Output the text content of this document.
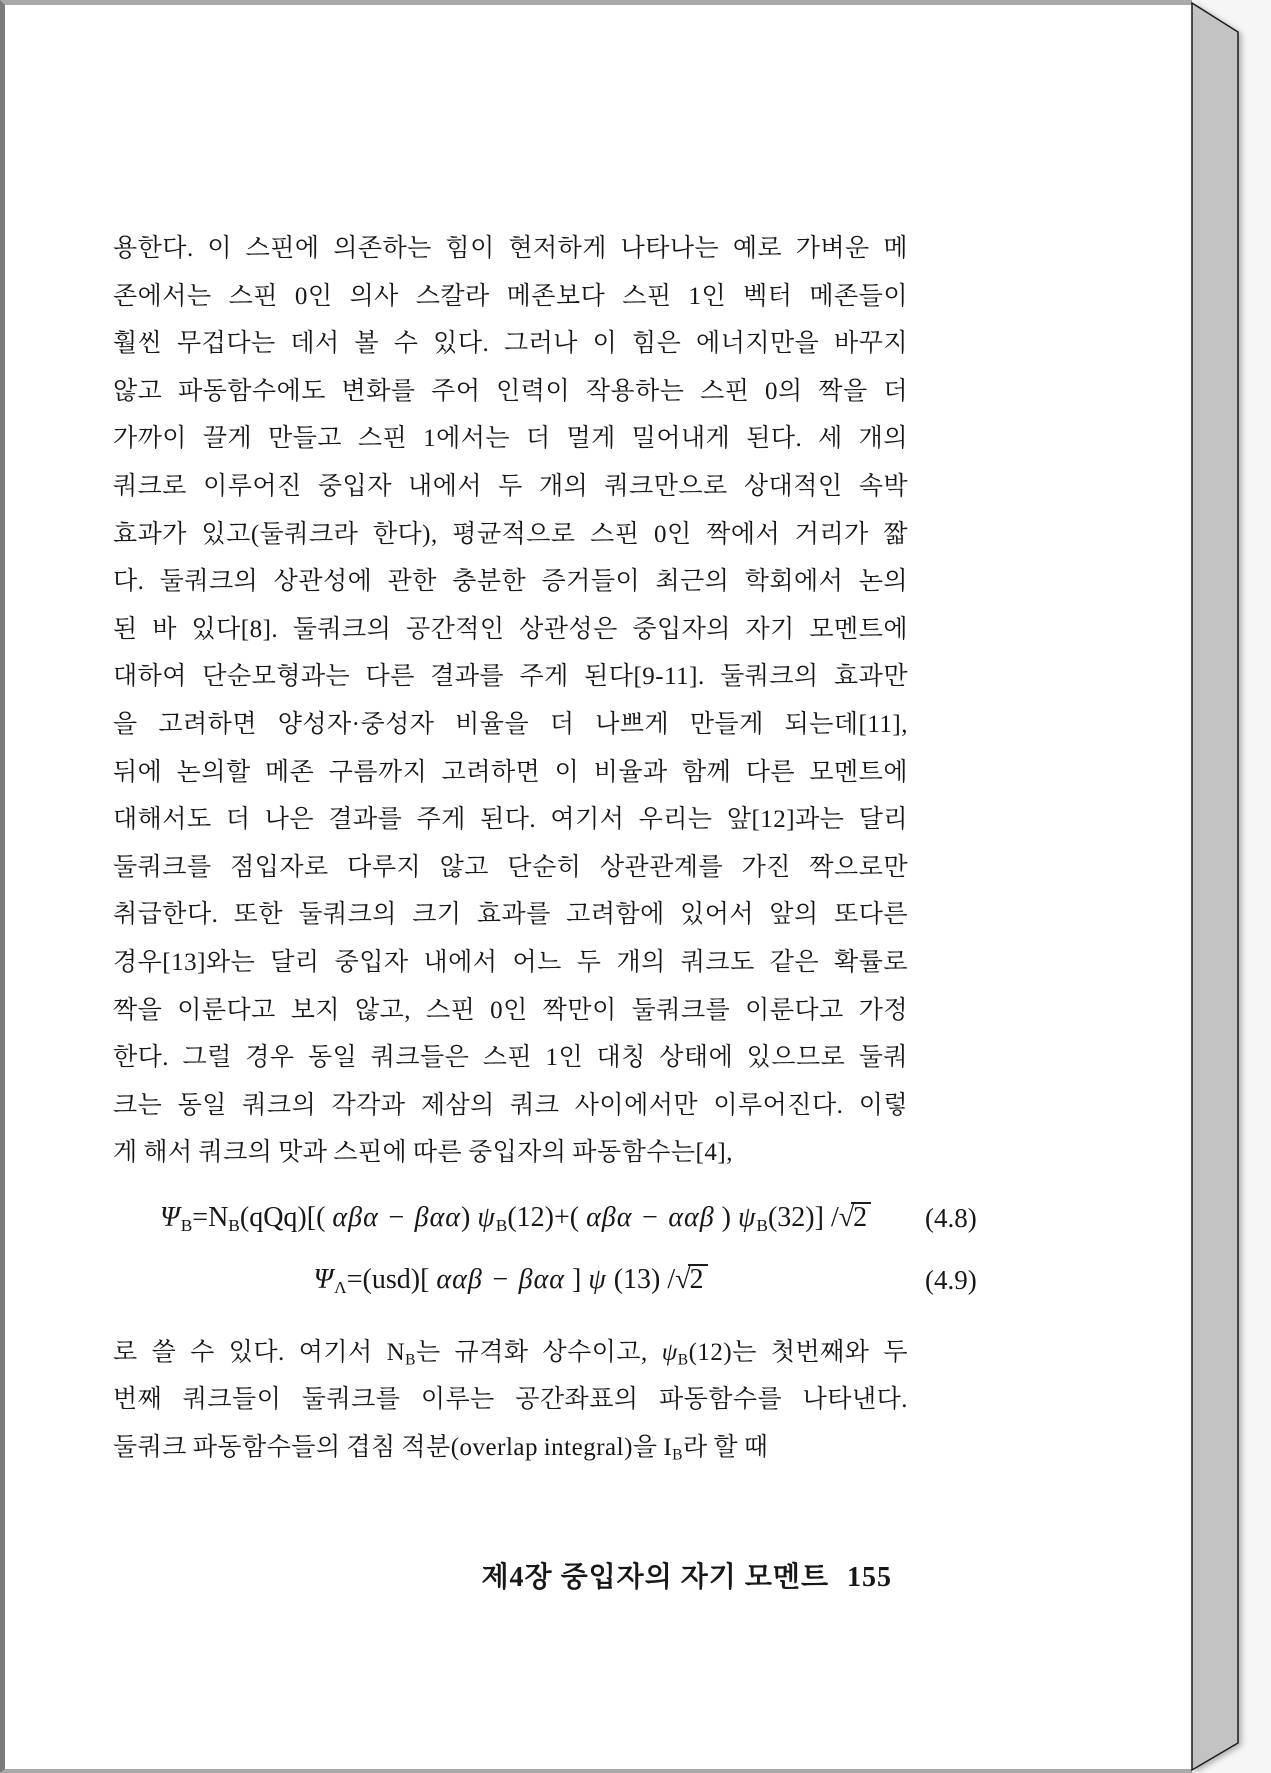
용한다. 이 스핀에 의존하는 힘이 현저하게 나타나는 예로 가벼운 메
존에서는 스핀 0인 의사 스칼라 메존보다 스핀 1인 벡터 메존들이
훨씬 무겁다는 데서 볼 수 있다. 그러나 이 힘은 에너지만을 바꾸지
않고 파동함수에도 변화를 주어 인력이 작용하는 스핀 0의 짝을 더
가까이 끌게 만들고 스핀 1에서는 더 멀게 밀어내게 된다. 세 개의
쿼크로 이루어진 중입자 내에서 두 개의 쿼크만으로 상대적인 속박
효과가 있고(둘쿼크라 한다), 평균적으로 스핀 0인 짝에서 거리가 짧
다. 둘쿼크의 상관성에 관한 충분한 증거들이 최근의 학회에서 논의
된 바 있다[8]. 둘쿼크의 공간적인 상관성은 중입자의 자기 모멘트에
대하여 단순모형과는 다른 결과를 주게 된다[9-11]. 둘쿼크의 효과만
을 고려하면 양성자·중성자 비율을 더 나쁘게 만들게 되는데[11],
뒤에 논의할 메존 구름까지 고려하면 이 비율과 함께 다른 모멘트에
대해서도 더 나은 결과를 주게 된다. 여기서 우리는 앞[12]과는 달리
둘쿼크를 점입자로 다루지 않고 단순히 상관관계를 가진 짝으로만
취급한다. 또한 둘쿼크의 크기 효과를 고려함에 있어서 앞의 또다른
경우[13]와는 달리 중입자 내에서 어느 두 개의 쿼크도 같은 확률로
짝을 이룬다고 보지 않고, 스핀 0인 짝만이 둘쿼크를 이룬다고 가정
한다. 그럴 경우 동일 쿼크들은 스핀 1인 대칭 상태에 있으므로 둘쿼
크는 동일 쿼크의 각각과 제삼의 쿼크 사이에서만 이루어진다. 이렇
게 해서 쿼크의 맛과 스핀에 따른 중입자의 파동함수는[4],
$\Psi_B=N_B(qQq)$[( αβα − βαα) $\psi_B(12)+$( αβα − ααβ ) $\psi_B(32)$] /√2 (4.8)
$\Psi_\Lambda=(usd)$[ ααβ − βαα ] ψ (13) /√2	(4.9)
로 쓸 수 있다. 여기서 $N_B$는 규격화 상수이고, $\psi_B(12)$는 첫번째와 두
번째 쿼크들이 둘쿼크를 이루는 공간좌표의 파동함수를 나타낸다.
둘쿼크 파동함수들의 겹침 적분(overlap integral)을 $I_B$라 할 때
제4장 중입자의 자기 모멘트 155
